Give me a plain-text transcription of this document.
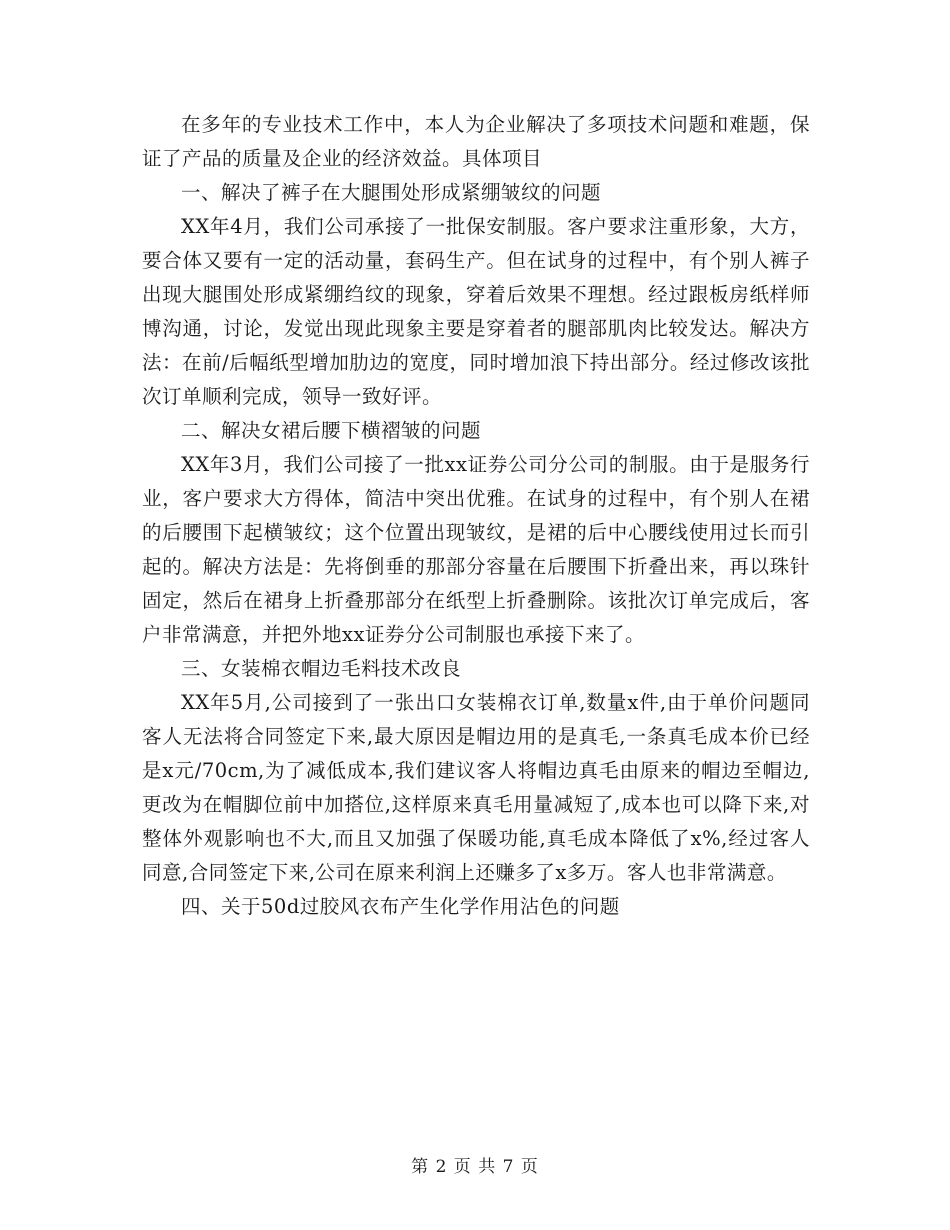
在多年的专业技术工作中，本人为企业解决了多项技术问题和难题，保证了产品的质量及企业的经济效益。具体项目

一、解决了裤子在大腿围处形成紧绷皱纹的问题

XX年4月，我们公司承接了一批保安制服。客户要求注重形象，大方，要合体又要有一定的活动量，套码生产。但在试身的过程中，有个别人裤子出现大腿围处形成紧绷绉纹的现象，穿着后效果不理想。经过跟板房纸样师博沟通，讨论，发觉出现此现象主要是穿着者的腿部肌肉比较发达。解决方法：在前/后幅纸型增加肋边的宽度，同时增加浪下持出部分。经过修改该批次订单顺利完成，领导一致好评。

二、解决女裙后腰下横褶皱的问题

XX年3月，我们公司接了一批xx证券公司分公司的制服。由于是服务行业，客户要求大方得体，简洁中突出优雅。在试身的过程中，有个别人在裙的后腰围下起横皱纹；这个位置出现皱纹，是裙的后中心腰线使用过长而引起的。解决方法是：先将倒垂的那部分容量在后腰围下折叠出来，再以珠针固定，然后在裙身上折叠那部分在纸型上折叠删除。该批次订单完成后，客户非常满意，并把外地xx证券分公司制服也承接下来了。

三、女装棉衣帽边毛料技术改良

XX年5月,公司接到了一张出口女装棉衣订单,数量x件,由于单价问题同客人无法将合同签定下来,最大原因是帽边用的是真毛,一条真毛成本价已经是x元/70cm,为了减低成本,我们建议客人将帽边真毛由原来的帽边至帽边,更改为在帽脚位前中加搭位,这样原来真毛用量减短了,成本也可以降下来,对整体外观影响也不大,而且又加强了保暖功能,真毛成本降低了x%,经过客人同意,合同签定下来,公司在原来利润上还赚多了x多万。客人也非常满意。

四、关于50d过胶风衣布产生化学作用沾色的问题

第 2 页 共 7 页
